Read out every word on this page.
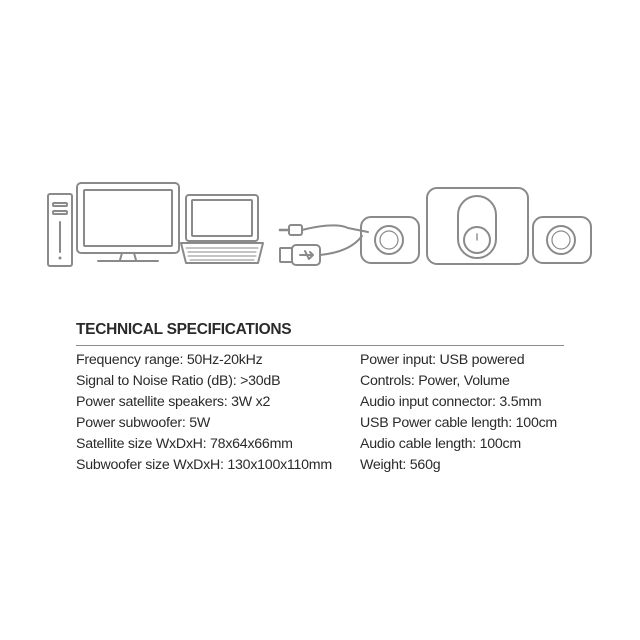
TECHNICAL SPECIFICATIONS
Frequency range: 50Hz-20kHz
Signal to Noise Ratio (dB): >30dB
Power satellite speakers: 3W x2
Power subwoofer: 5W
Satellite size WxDxH: 78x64x66mm
Subwoofer size WxDxH: 130x100x110mm
Power input: USB powered
Controls: Power, Volume
Audio input connector: 3.5mm
USB Power cable length: 100cm
Audio cable length: 100cm
Weight: 560g
